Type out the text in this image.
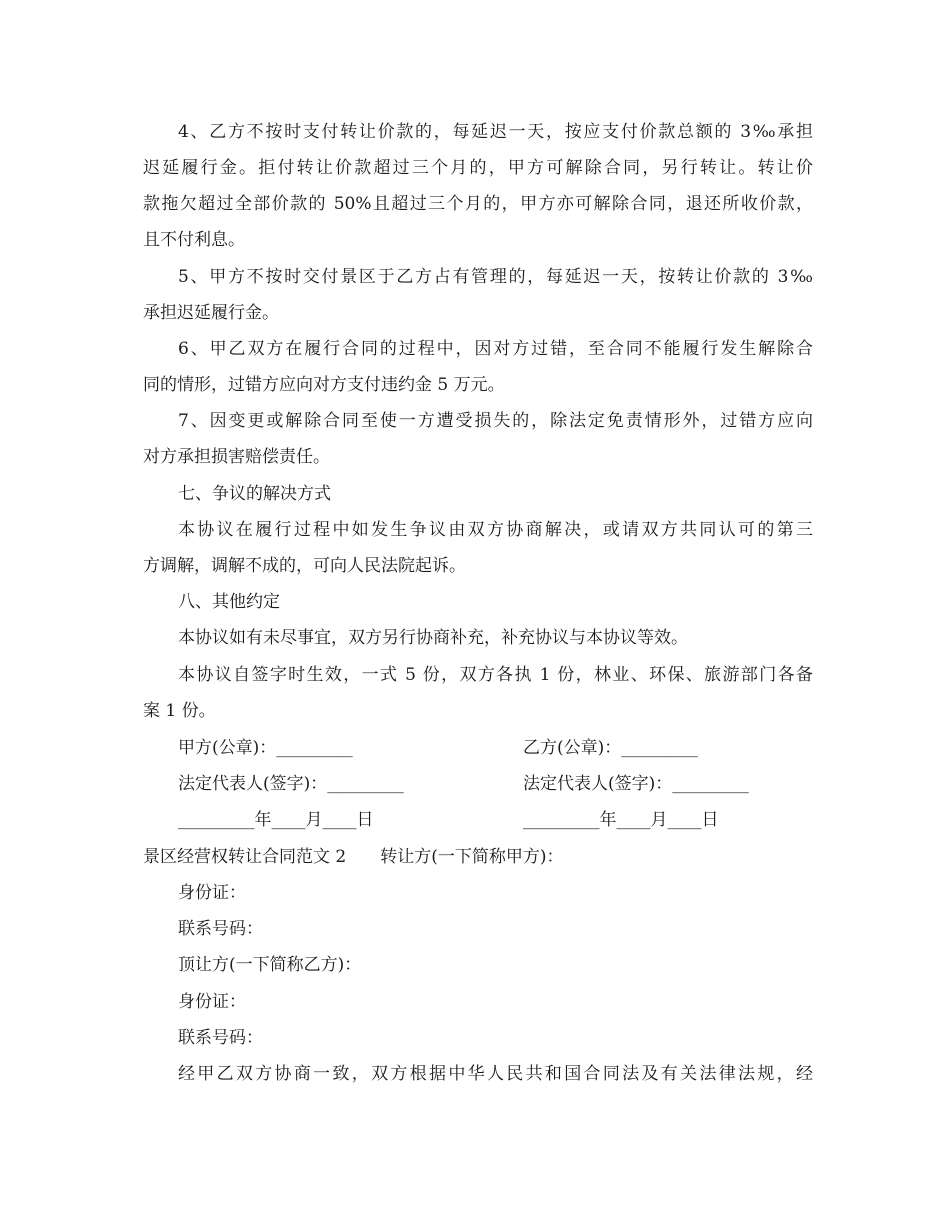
4、乙方不按时支付转让价款的，每延迟一天，按应支付价款总额的 3‰承担
迟延履行金。拒付转让价款超过三个月的，甲方可解除合同，另行转让。转让价
款拖欠超过全部价款的 50%且超过三个月的，甲方亦可解除合同，退还所收价款，
且不付利息。
5、甲方不按时交付景区于乙方占有管理的，每延迟一天，按转让价款的 3‰
承担迟延履行金。
6、甲乙双方在履行合同的过程中，因对方过错，至合同不能履行发生解除合
同的情形，过错方应向对方支付违约金 5 万元。
7、因变更或解除合同至使一方遭受损失的，除法定免责情形外，过错方应向
对方承担损害赔偿责任。
七、争议的解决方式
本协议在履行过程中如发生争议由双方协商解决，或请双方共同认可的第三
方调解，调解不成的，可向人民法院起诉。
八、其他约定
本协议如有未尽事宜，双方另行协商补充，补充协议与本协议等效。
本协议自签字时生效，一式 5 份，双方各执 1 份，林业、环保、旅游部门各备
案 1 份。
甲方(公章)：_________	乙方(公章)：_________
法定代表人(签字)：_________	法定代表人(签字)：_________
_________年____月____日	_________年____月____日
景区经营权转让合同范文 2　　转让方(一下简称甲方)：
身份证：
联系号码：
顶让方(一下简称乙方)：
身份证：
联系号码：
经甲乙双方协商一致，双方根据中华人民共和国合同法及有关法律法规，经
